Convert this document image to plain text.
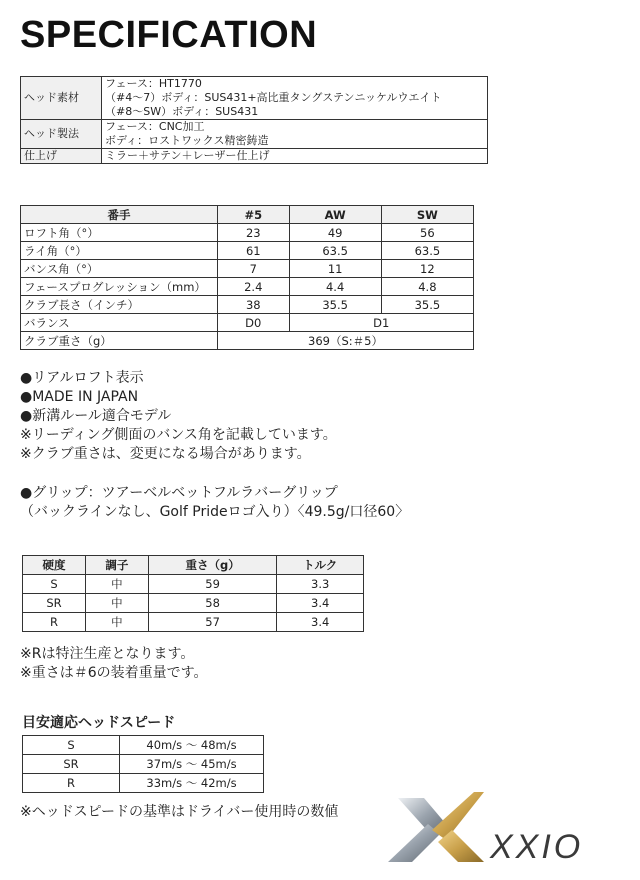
SPECIFICATION
ヘッド素材	フェース：HT1770
（#4～7）ボディ：SUS431+高比重タングステンニッケルウエイト
（#8～SW）ボディ：SUS431

ヘッド製法	フェース：CNC加工
ボディ：ロストワックス精密鋳造

仕上げ	ミラー＋サテン＋レーザー仕上げ
番手	#5	AW	SW
ロフト角（°）	23	49	56
ライ角（°）	61	63.5	63.5
バンス角（°）	7	11	12
フェースプログレッション（mm）	2.4	4.4	4.8
クラブ長さ（インチ）	38	35.5	35.5
バランス	D0	D1	
クラブ重さ（g）	369（S:＃5）		
●リアルロフト表示
●MADE IN JAPAN
●新溝ルール適合モデル
※リーディング側面のバンス角を記載しています。
※クラブ重さは、変更になる場合があります。
●グリップ：ツアーベルベットフルラバーグリップ
（バックラインなし、Golf Prideロゴ入り）〈49.5g/口径60〉
硬度	調子	重さ（g）	トルク
S	中	59	3.3
SR	中	58	3.4
R	中	57	3.4
※Rは特注生産となります。
※重さは＃6の装着重量です。
目安適応ヘッドスピード
S	40m/s ～ 48m/s
SR	37m/s ～ 45m/s
R	33m/s ～ 42m/s
※ヘッドスピードの基準はドライバー使用時の数値
XXIO
